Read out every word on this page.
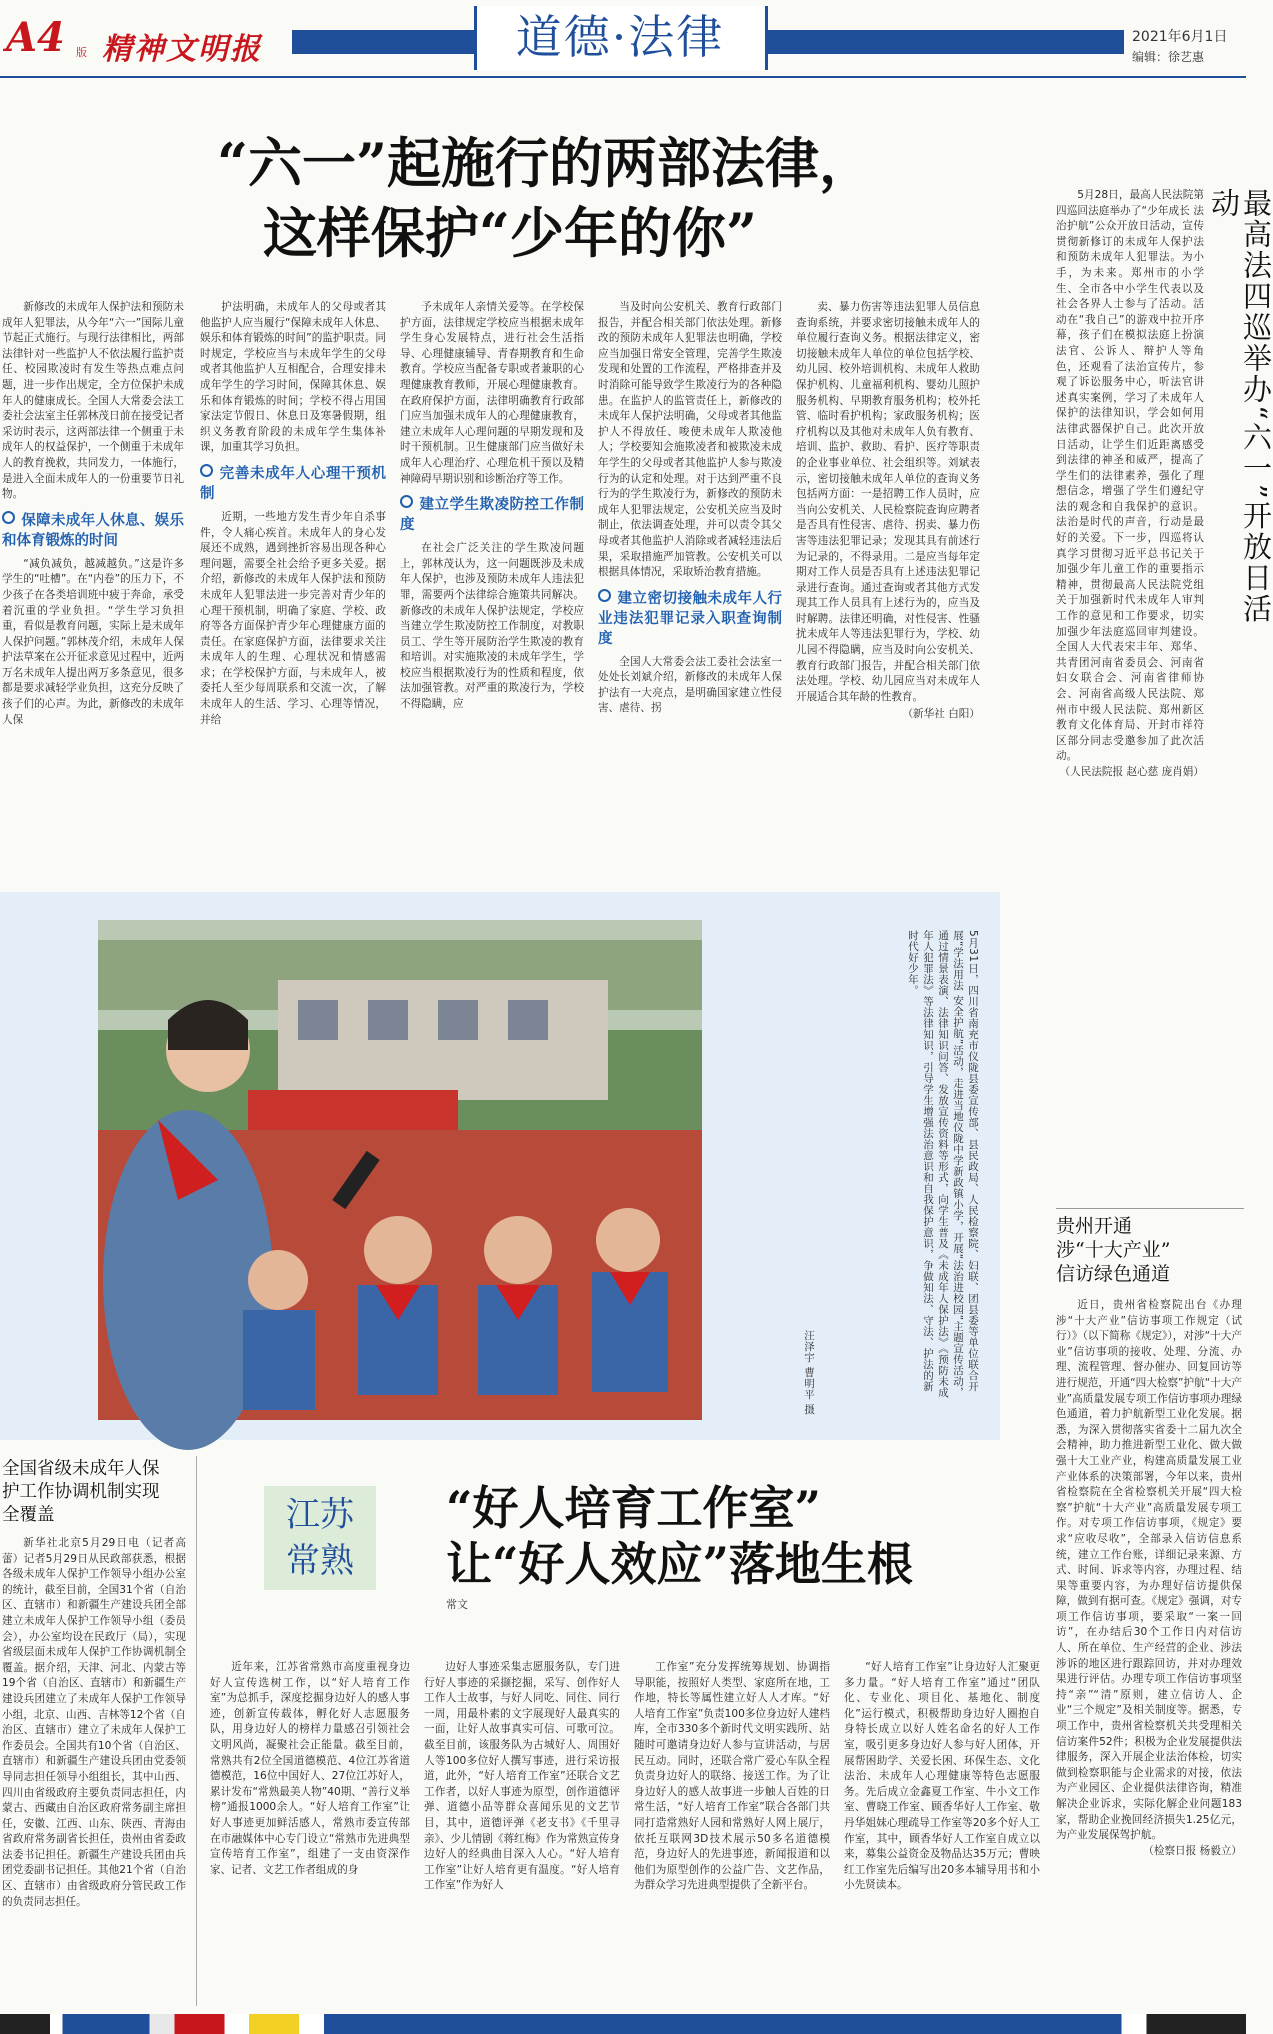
A4 版 精神文明报	道德·法律	2021年6月1日
编辑：徐艺惠
“六一”起施行的两部法律，
这样保护“少年的你”

新修改的未成年人保护法和预防未成年人犯罪法，从今年“六一”国际儿童节起正式施行。与现行法律相比，两部法律针对一些监护人不依法履行监护责任、校园欺凌时有发生等热点难点问题，进一步作出规定，全方位保护未成年人的健康成长。全国人大常委会法工委社会法室主任郭林茂日前在接受记者采访时表示，这两部法律一个侧重于未成年人的权益保护，一个侧重于未成年人的教育挽救，共同发力，一体施行，是进入全面未成年人的一份重要节日礼物。

保障未成年人休息、娱乐和体育锻炼的时间

“减负减负，越减越负。”这是许多学生的“吐槽”。在“内卷”的压力下，不少孩子在各类培训班中疲于奔命，承受着沉重的学业负担。“学生学习负担重，看似是教育问题，实际上是未成年人保护问题。”郭林茂介绍，未成年人保护法草案在公开征求意见过程中，近两万名未成年人提出两万多条意见，很多都是要求减轻学业负担，这充分反映了孩子们的心声。为此，新修改的未成年人保

护法明确，未成年人的父母或者其他监护人应当履行“保障未成年人休息、娱乐和体育锻炼的时间”的监护职责。同时规定，学校应当与未成年学生的父母或者其他监护人互相配合，合理安排未成年学生的学习时间，保障其休息、娱乐和体育锻炼的时间；学校不得占用国家法定节假日、休息日及寒暑假期，组织义务教育阶段的未成年学生集体补课，加重其学习负担。

完善未成年人心理干预机制

近期，一些地方发生青少年自杀事件，令人痛心疾首。未成年人的身心发展还不成熟，遇到挫折容易出现各种心理问题，需要全社会给予更多关爱。据介绍，新修改的未成年人保护法和预防未成年人犯罪法进一步完善对青少年的心理干预机制，明确了家庭、学校、政府等各方面保护青少年心理健康方面的责任。在家庭保护方面，法律要求关注未成年人的生理、心理状况和情感需求；在学校保护方面，与未成年人，被委托人至少每周联系和交流一次，了解未成年人的生活、学习、心理等情况，并给

予未成年人亲情关爱等。在学校保护方面，法律规定学校应当根据未成年学生身心发展特点，进行社会生活指导、心理健康辅导、青春期教育和生命教育。学校应当配备专职或者兼职的心理健康教育教师，开展心理健康教育。在政府保护方面，法律明确教育行政部门应当加强未成年人的心理健康教育，建立未成年人心理问题的早期发现和及时干预机制。卫生健康部门应当做好未成年人心理治疗、心理危机干预以及精神障碍早期识别和诊断治疗等工作。

建立学生欺凌防控工作制度

在社会广泛关注的学生欺凌问题上，郭林茂认为，这一问题既涉及未成年人保护，也涉及预防未成年人违法犯罪，需要两个法律综合施策共同解决。新修改的未成年人保护法规定，学校应当建立学生欺凌防控工作制度，对教职员工、学生等开展防治学生欺凌的教育和培训。对实施欺凌的未成年学生，学校应当根据欺凌行为的性质和程度，依法加强管教。对严重的欺凌行为，学校不得隐瞒，应

当及时向公安机关、教育行政部门报告，并配合相关部门依法处理。新修改的预防未成年人犯罪法也明确，学校应当加强日常安全管理，完善学生欺凌发现和处置的工作流程，严格排查并及时消除可能导致学生欺凌行为的各种隐患。在监护人的监管责任上，新修改的未成年人保护法明确，父母或者其他监护人不得放任、唆使未成年人欺凌他人；学校要知会施欺凌者和被欺凌未成年学生的父母或者其他监护人参与欺凌行为的认定和处理。对于达到严重不良行为的学生欺凌行为，新修改的预防未成年人犯罪法规定，公安机关应当及时制止，依法调查处理，并可以责令其父母或者其他监护人消除或者减轻违法后果，采取措施严加管教。公安机关可以根据具体情况，采取矫治教育措施。

建立密切接触未成年人行业违法犯罪记录入职查询制度

全国人大常委会法工委社会法室一处处长刘斌介绍，新修改的未成年人保护法有一大亮点，是明确国家建立性侵害、虐待、拐

卖、暴力伤害等违法犯罪人员信息查询系统，并要求密切接触未成年人的单位履行查询义务。根据法律定义，密切接触未成年人单位的单位包括学校、幼儿园、校外培训机构、未成年人救助保护机构、儿童福利机构、婴幼儿照护服务机构、早期教育服务机构；校外托管、临时看护机构；家政服务机构；医疗机构以及其他对未成年人负有教育、培训、监护、救助、看护、医疗等职责的企业事业单位、社会组织等。刘斌表示，密切接触未成年人单位的查询义务包括两方面：一是招聘工作人员时，应当向公安机关、人民检察院查询应聘者是否具有性侵害、虐待、拐卖、暴力伤害等违法犯罪记录；发现其具有前述行为记录的，不得录用。二是应当每年定期对工作人员是否具有上述违法犯罪记录进行查询。通过查询或者其他方式发现其工作人员具有上述行为的，应当及时解聘。法律还明确，对性侵害、性骚扰未成年人等违法犯罪行为，学校、幼儿园不得隐瞒，应当及时向公安机关、教育行政部门报告，并配合相关部门依法处理。学校、幼儿园应当对未成年人开展适合其年龄的性教育。

（新华社 白阳）
最高法四巡举办“六一”开放日活动

5月28日，最高人民法院第四巡回法庭举办了“少年成长 法治护航”公众开放日活动，宣传贯彻新修订的未成年人保护法和预防未成年人犯罪法。为小手，为未来。郑州市的小学生、全市各中小学生代表以及社会各界人士参与了活动。活动在“我自己”的游戏中拉开序幕，孩子们在模拟法庭上扮演法官、公诉人、辩护人等角色，还观看了法治宣传片，参观了诉讼服务中心，听法官讲述真实案例，学习了未成年人保护的法律知识，学会如何用法律武器保护自己。此次开放日活动，让学生们近距离感受到法律的神圣和威严，提高了学生们的法律素养，强化了理想信念，增强了学生们遵纪守法的观念和自我保护的意识。法治是时代的声音，行动是最好的关爱。下一步，四巡将认真学习贯彻习近平总书记关于加强少年儿童工作的重要指示精神，贯彻最高人民法院党组关于加强新时代未成年人审判工作的意见和工作要求，切实加强少年法庭巡回审判建设。全国人大代表宋丰年、郑华、共青团河南省委员会、河南省妇女联合会、河南省律师协会、河南省高级人民法院、郑州市中级人民法院、郑州新区教育文化体育局、开封市祥符区部分同志受邀参加了此次活动。

（人民法院报 赵心慈 庞肖娟）
5月31日，四川省南充市仪陇县委宣传部、县民政局、人民检察院、妇联、团县委等单位联合开展“学法用法 安全护航”活动，走进当地仪陇中学新政镇小学，开展“法治进校园”主题宣传活动，通过情景表演、法律知识问答、发放宣传资料等形式，向学生普及《未成年人保护法》《预防未成年人犯罪法》等法律知识，引导学生增强法治意识和自我保护意识，争做知法、守法、护法的新时代好少年。
汪泽宇 曹明平 摄
贵州开通
涉“十大产业”
信访绿色通道

近日，贵州省检察院出台《办理涉“十大产业”信访事项工作规定（试行）》（以下简称《规定》），对涉“十大产业”信访事项的接收、处理、分流、办理、流程管理、督办催办、回复回访等进行规范，开通“四大检察”护航“十大产业”高质量发展专项工作信访事项办理绿色通道，着力护航新型工业化发展。据悉，为深入贯彻落实省委十二届九次全会精神，助力推进新型工业化、做大做强十大工业产业，构建高质量发展工业产业体系的决策部署，今年以来，贵州省检察院在全省检察机关开展“四大检察”护航“十大产业”高质量发展专项工作。对专项工作信访事项，《规定》要求“应收尽收”，全部录入信访信息系统，建立工作台账，详细记录来源、方式、时间、诉求等内容，办理过程、结果等重要内容，为办理好信访提供保障，做到有据可查。《规定》强调，对专项工作信访事项，要采取“一案一回访”，在办结后30个工作日内对信访人、所在单位、生产经营的企业、涉法涉诉的地区进行跟踪回访，并对办理效果进行评估。办理专项工作信访事项坚持“亲”“清”原则，建立信访人、企业“三个规定”及相关制度等。据悉，专项工作中，贵州省检察机关共受理相关信访案件52件；积极为企业发展提供法律服务，深入开展企业法治体检，切实做到检察职能与企业需求的对接，依法为产业园区、企业提供法律咨询，精准解决企业诉求，实际化解企业问题183家，帮助企业挽回经济损失1.25亿元，为产业发展保驾护航。

（检察日报 杨毅立）
全国省级未成年人保护工作协调机制实现全覆盖

新华社北京5月29日电（记者高蕾）记者5月29日从民政部获悉，根据各级未成年人保护工作领导小组办公室的统计，截至目前，全国31个省（自治区、直辖市）和新疆生产建设兵团全部建立未成年人保护工作领导小组（委员会），办公室均设在民政厅（局），实现省级层面未成年人保护工作协调机制全覆盖。据介绍，天津、河北、内蒙古等19个省（自治区、直辖市）和新疆生产建设兵团建立了未成年人保护工作领导小组，北京、山西、吉林等12个省（自治区、直辖市）建立了未成年人保护工作委员会。全国共有10个省（自治区、直辖市）和新疆生产建设兵团由党委领导同志担任领导小组组长，其中山西、四川由省级政府主要负责同志担任，内蒙古、西藏由自治区政府常务副主席担任，安徽、江西、山东、陕西、青海由省政府常务副省长担任，贵州由省委政法委书记担任。新疆生产建设兵团由兵团党委副书记担任。其他21个省（自治区、直辖市）由省级政府分管民政工作的负责同志担任。

江苏常熟
“好人培育工作室”
让“好人效应”落地生根
常文

近年来，江苏省常熟市高度重视身边好人宣传选树工作，以“好人培育工作室”为总抓手，深度挖掘身边好人的感人事迹，创新宣传载体，孵化好人志愿服务队，用身边好人的榜样力量感召引领社会文明风尚，凝聚社会正能量。截至目前，常熟共有2位全国道德模范、4位江苏省道德模范，16位中国好人、27位江苏好人，累计发布“常熟最美人物”40期、“善行义举榜”通报1000余人。“好人培育工作室”让好人事迹更加鲜活感人，常熟市委宣传部在市融媒体中心专门设立“常熟市先进典型宣传培育工作室”，组建了一支由资深作家、记者、文艺工作者组成的身

边好人事迹采集志愿服务队，专门进行好人事迹的采撷挖掘，采写、创作好人工作人士故事，与好人同吃、同住、同行一周，用最朴素的文字展现好人最真实的一面，让好人故事真实可信、可歌可泣。截至目前，该服务队为古城好人、周围好人等100多位好人撰写事迹，进行采访报道，此外，“好人培育工作室”还联合文艺工作者，以好人事迹为原型，创作道德评弹、道德小品等群众喜闻乐见的文艺节目，其中，道德评弹《老支书》《千里寻亲》、少儿情剧《蒋红梅》作为常熟宣传身边好人的经典曲目深入人心。“好人培育工作室”让好人培育更有温度。“好人培育工作室”作为好人

工作室”充分发挥统筹规划、协调指导职能，按照好人类型、家庭所在地，工作地，特长等属性建立好人人才库。“好人培育工作室”负责100多位身边好人建档库，全市330多个新时代文明实践所、站随时可邀请身边好人参与宣讲活动，与居民互动。同时，还联合常广爱心车队全程负责身边好人的联络、接送工作。为了让身边好人的感人故事进一步触人百姓的日常生活，“好人培育工作室”联合各部门共同打造常熟好人园和常熟好人网上展厅，依托互联网3D技术展示50多名道德模范，身边好人的先进事迹，新闻报道和以他们为原型创作的公益广告、文艺作品，为群众学习先进典型提供了全新平台。

“好人培育工作室”让身边好人汇聚更多力量。“好人培育工作室”通过“团队化、专业化、项目化、基地化、制度化”运行模式，积极帮助身边好人圈抱自身特长成立以好人姓名命名的好人工作室，吸引更多身边好人参与好人团体，开展帮困助学、关爱长困、环保生态、文化法治、未成年人心理健康等特色志愿服务。先后成立金鑫夏工作室、牛小文工作室、曹晓工作室、顾香华好人工作室、敬丹华姐妹心理疏导工作室等20多个好人工作室，其中，顾香华好人工作室自成立以来，募集公益资金及物品达35万元；曹映红工作室先后编写出20多本辅导用书和小小先贤读本。
